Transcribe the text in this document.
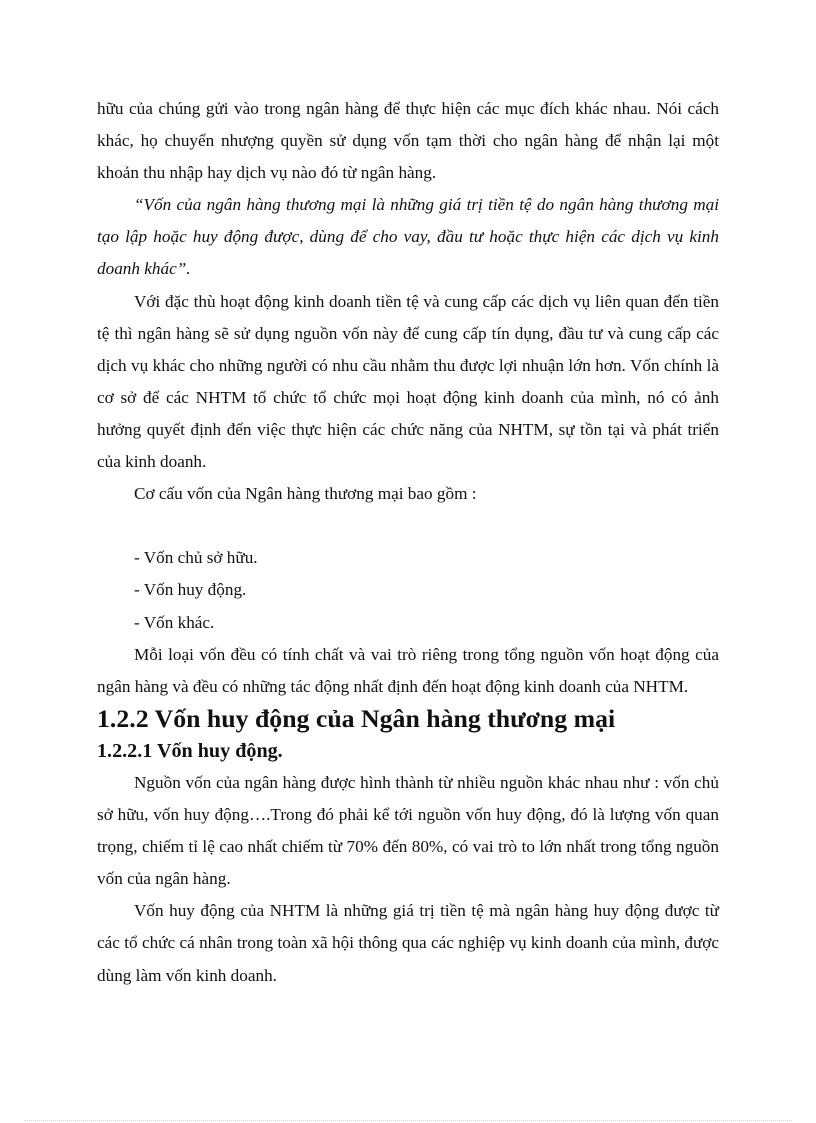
hữu của chúng gửi vào trong ngân hàng để thực hiện các mục đích khác nhau. Nói cách khác, họ chuyển nhượng quyền sử dụng vốn tạm thời cho ngân hàng để nhận lại một khoản thu nhập hay dịch vụ nào đó từ ngân hàng.

“Vốn của ngân hàng thương mại là những giá trị tiền tệ do ngân hàng thương mại tạo lập hoặc huy động được, dùng để cho vay, đầu tư hoặc thực hiện các dịch vụ kinh doanh khác”.

Với đặc thù hoạt động kinh doanh tiền tệ và cung cấp các dịch vụ liên quan đến tiền tệ thì ngân hàng sẽ sử dụng nguồn vốn này để cung cấp tín dụng, đầu tư và cung cấp các dịch vụ khác cho những người có nhu cầu nhằm thu được lợi nhuận lớn hơn. Vốn chính là cơ sở để các NHTM tổ chức tổ chức mọi hoạt động kinh doanh của mình, nó có ảnh hưởng quyết định đến việc thực hiện các chức năng của NHTM, sự tồn tại và phát triển của kinh doanh.

Cơ cấu vốn của Ngân hàng thương mại bao gồm :

- Vốn chủ sở hữu.

- Vốn huy động.

- Vốn khác.

Mỗi loại vốn đều có tính chất và vai trò riêng trong tổng nguồn vốn hoạt động của ngân hàng và đều có những tác động nhất định đến hoạt động kinh doanh của NHTM.

1.2.2 Vốn huy động của Ngân hàng thương mại
1.2.2.1 Vốn huy động.

Nguồn vốn của ngân hàng được hình thành từ nhiều nguồn khác nhau như : vốn chủ sở hữu, vốn huy động….Trong đó phải kể tới nguồn vốn huy động, đó là lượng vốn quan trọng, chiếm tỉ lệ cao nhất chiếm từ 70% đến 80%, có vai trò to lớn nhất trong tổng nguồn vốn của ngân hàng.

Vốn huy động của NHTM là những giá trị tiền tệ mà ngân hàng huy động được từ các tổ chức cá nhân trong toàn xã hội thông qua các nghiệp vụ kinh doanh của mình, được dùng làm vốn kinh doanh.
